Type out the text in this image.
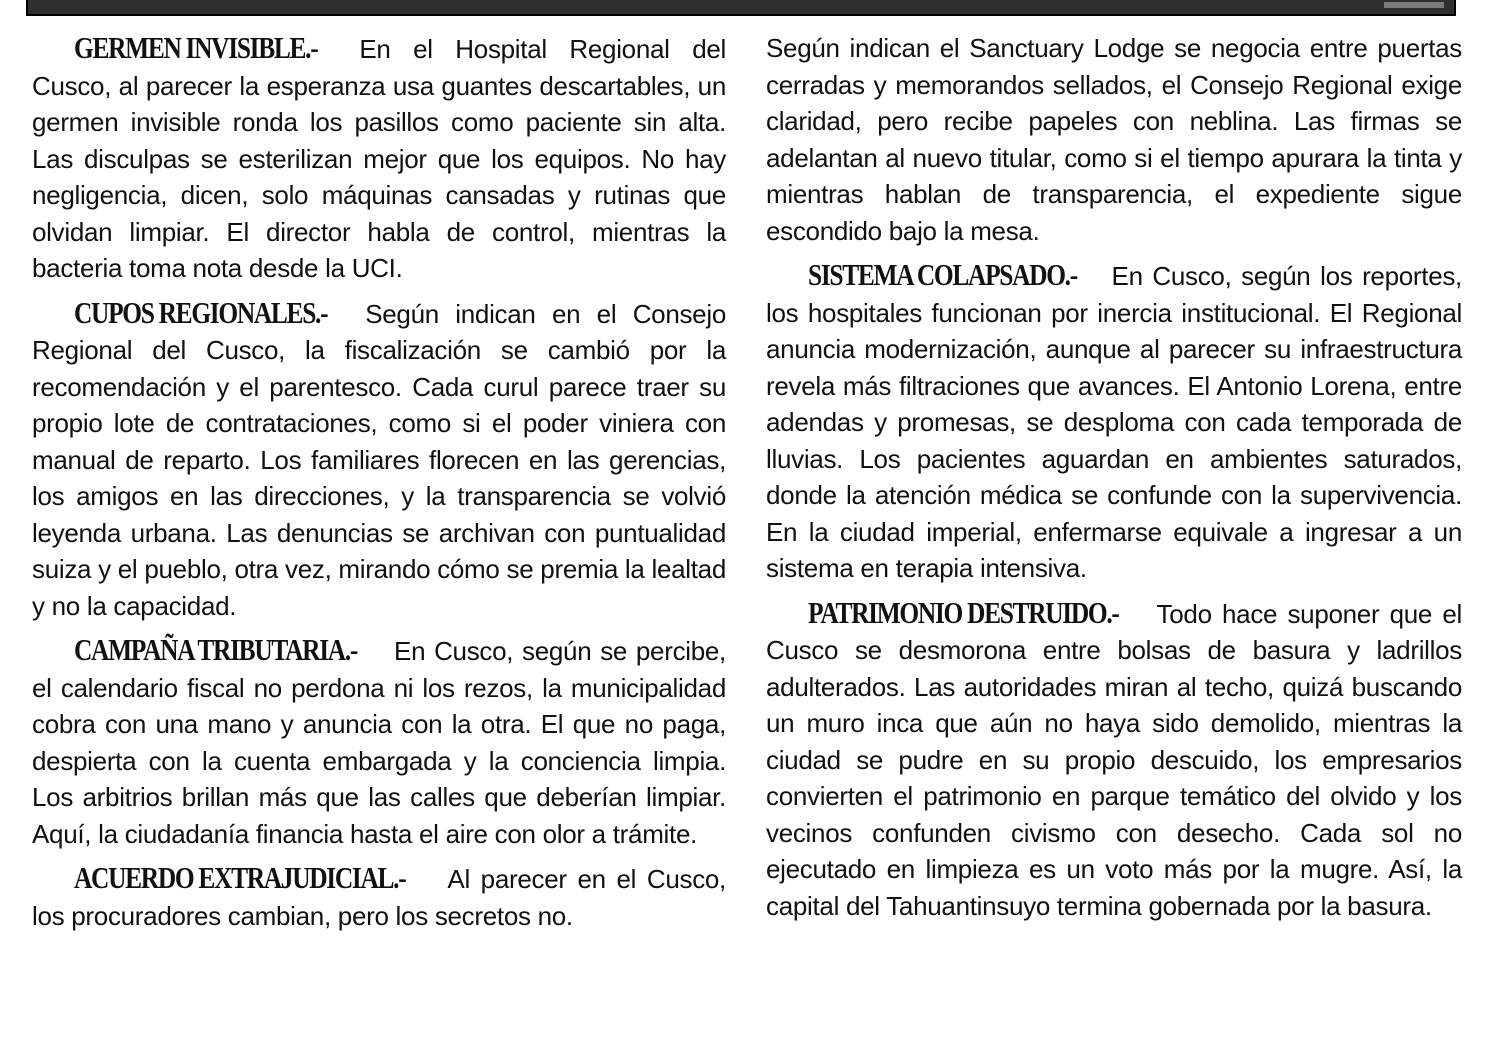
GERMEN INVISIBLE.- En el Hospital Regional del Cusco, al parecer la esperanza usa guantes descartables, un germen invisible ronda los pasillos como paciente sin alta. Las disculpas se esterilizan mejor que los equipos. No hay negligencia, dicen, solo máquinas cansadas y rutinas que olvidan limpiar. El director habla de control, mientras la bacteria toma nota desde la UCI.

CUPOS REGIONALES.- Según indican en el Consejo Regional del Cusco, la fiscalización se cambió por la recomendación y el parentesco. Cada curul parece traer su propio lote de contrataciones, como si el poder viniera con manual de reparto. Los familiares florecen en las gerencias, los amigos en las direcciones, y la transparencia se volvió leyenda urbana. Las denuncias se archivan con puntualidad suiza y el pueblo, otra vez, mirando cómo se premia la lealtad y no la capacidad.

CAMPAÑA TRIBUTARIA.- En Cusco, según se percibe, el calendario fiscal no perdona ni los rezos, la municipalidad cobra con una mano y anuncia con la otra. El que no paga, despierta con la cuenta embargada y la conciencia limpia. Los arbitrios brillan más que las calles que deberían limpiar. Aquí, la ciudadanía financia hasta el aire con olor a trámite.

ACUERDO EXTRAJUDICIAL.- Al parecer en el Cusco, los procuradores cambian, pero los secretos no.

Según indican el Sanctuary Lodge se negocia entre puertas cerradas y memorandos sellados, el Consejo Regional exige claridad, pero recibe papeles con neblina. Las firmas se adelantan al nuevo titular, como si el tiempo apurara la tinta y mientras hablan de transparencia, el expediente sigue escondido bajo la mesa.

SISTEMA COLAPSADO.- En Cusco, según los reportes, los hospitales funcionan por inercia institucional. El Regional anuncia modernización, aunque al parecer su infraestructura revela más filtraciones que avances. El Antonio Lorena, entre adendas y promesas, se desploma con cada temporada de lluvias. Los pacientes aguardan en ambientes saturados, donde la atención médica se confunde con la supervivencia. En la ciudad imperial, enfermarse equivale a ingresar a un sistema en terapia intensiva.

PATRIMONIO DESTRUIDO.- Todo hace suponer que el Cusco se desmorona entre bolsas de basura y ladrillos adulterados. Las autoridades miran al techo, quizá buscando un muro inca que aún no haya sido demolido, mientras la ciudad se pudre en su propio descuido, los empresarios convierten el patrimonio en parque temático del olvido y los vecinos confunden civismo con desecho. Cada sol no ejecutado en limpieza es un voto más por la mugre. Así, la capital del Tahuantinsuyo termina gobernada por la basura.
